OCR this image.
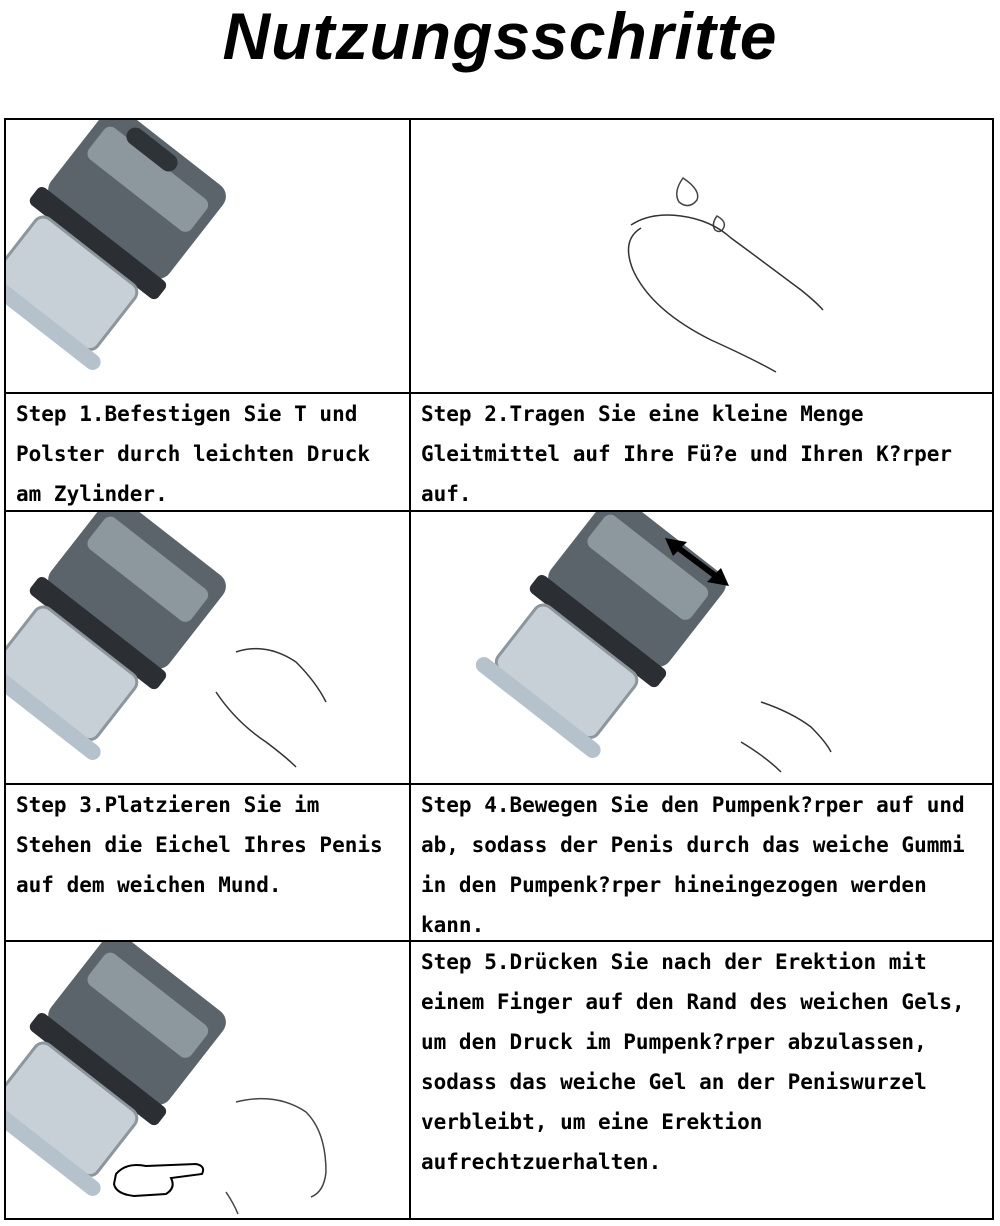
Nutzungsschritte
Step 1.Befestigen Sie T und Polster durch leichten Druck am Zylinder.
Step 2.Tragen Sie eine kleine Menge Gleitmittel auf Ihre Fü?e und Ihren K?rper auf.
Step 3.Platzieren Sie im Stehen die Eichel Ihres Penis auf dem weichen Mund.
Step 4.Bewegen Sie den Pumpenk?rper auf und ab, sodass der Penis durch das weiche Gummi in den Pumpenk?rper hineingezogen werden kann.
Step 5.Drücken Sie nach der Erektion mit einem Finger auf den Rand des weichen Gels, um den Druck im Pumpenk?rper abzulassen, sodass das weiche Gel an der Peniswurzel verbleibt, um eine Erektion aufrechtzuerhalten.
